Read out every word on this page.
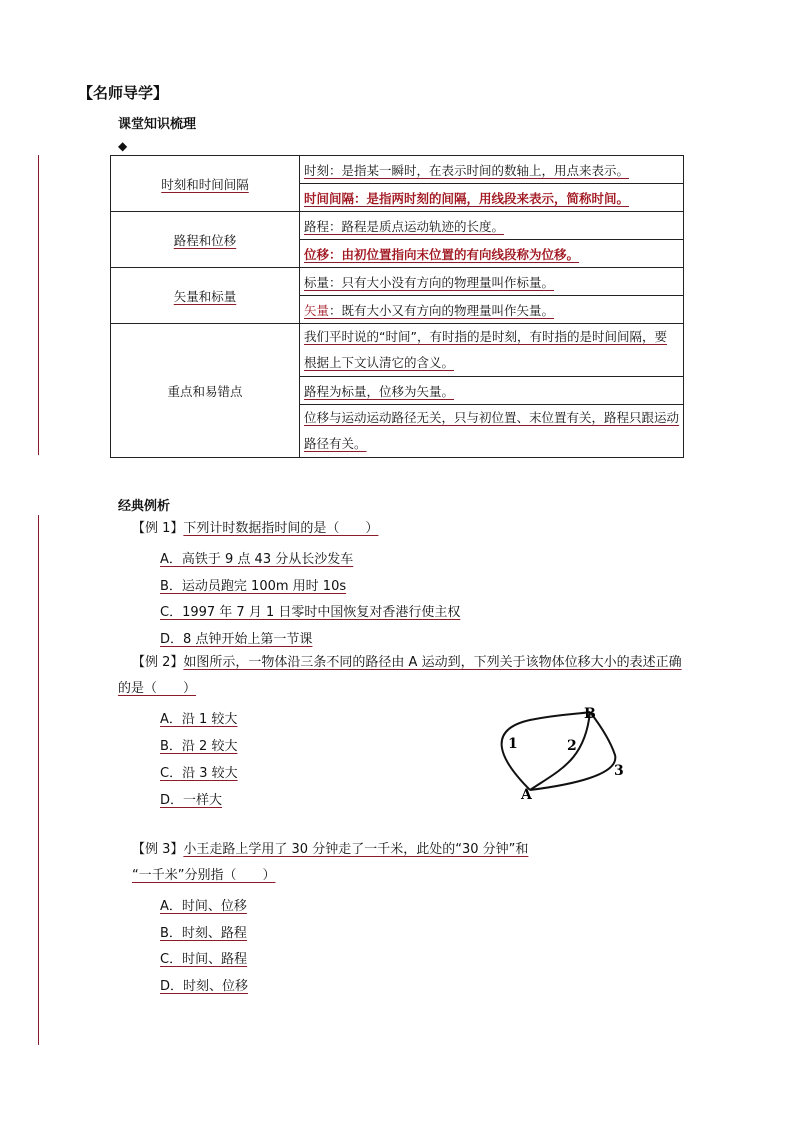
【名师导学】
课堂知识梳理
◆
时刻和时间间隔	时刻：是指某一瞬时，在表示时间的数轴上，用点来表示。
	时间间隔：是指两时刻的间隔，用线段来表示，简称时间。
路程和位移	路程：路程是质点运动轨迹的长度。
	位移：由初位置指向末位置的有向线段称为位移。
矢量和标量	标量：只有大小没有方向的物理量叫作标量。
	矢量：既有大小又有方向的物理量叫作矢量。
重点和易错点	我们平时说的“时间”，有时指的是时刻，有时指的是时间间隔，要根据上下文认清它的含义。
	路程为标量，位移为矢量。
	位移与运动运动路径无关，只与初位置、末位置有关，路程只跟运动路径有关。
经典例析
【例 1】下列计时数据指时间的是（　　）
A．高铁于 9 点 43 分从长沙发车
B．运动员跑完 100m 用时 10s
C．1997 年 7 月 1 日零时中国恢复对香港行使主权
D．8 点钟开始上第一节课
【例 2】如图所示，一物体沿三条不同的路径由 A 运动到，下列关于该物体位移大小的表述正确
的是（　　）
A．沿 1 较大
B．沿 2 较大
C．沿 3 较大
D．一样大	A
B
1	2
3
【例 3】小王走路上学用了 30 分钟走了一千米，此处的“30 分钟”和
“一千米”分别指（　　）
A．时间、位移
B．时刻、路程
C．时间、路程
D．时刻、位移
